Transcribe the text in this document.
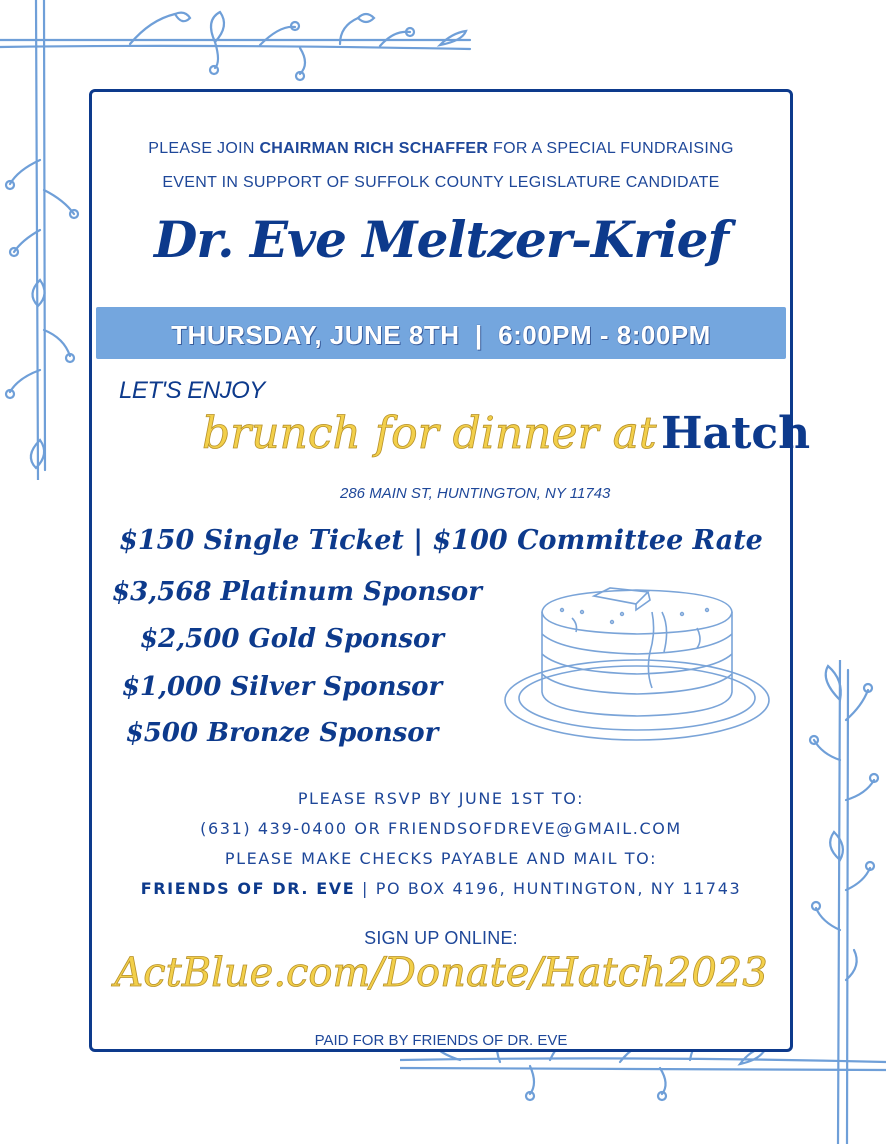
PLEASE JOIN CHAIRMAN RICH SCHAFFER FOR A SPECIAL FUNDRAISING
EVENT IN SUPPORT OF SUFFOLK COUNTY LEGISLATURE CANDIDATE
Dr. Eve Meltzer-Krief
THURSDAY, JUNE 8TH  |  6:00PM - 8:00PM
LET'S ENJOY
brunch for dinner at Hatch
286 MAIN ST, HUNTINGTON, NY 11743
$150 Single Ticket | $100 Committee Rate
$3,568 Platinum Sponsor
$2,500 Gold Sponsor
$1,000 Silver Sponsor
$500 Bronze Sponsor
PLEASE RSVP BY JUNE 1ST TO:
(631) 439-0400 OR FRIENDSOFDREVE@GMAIL.COM
PLEASE MAKE CHECKS PAYABLE AND MAIL TO:
FRIENDS OF DR. EVE | PO BOX 4196, HUNTINGTON, NY 11743
SIGN UP ONLINE:
ActBlue.com/Donate/Hatch2023
PAID FOR BY FRIENDS OF DR. EVE
